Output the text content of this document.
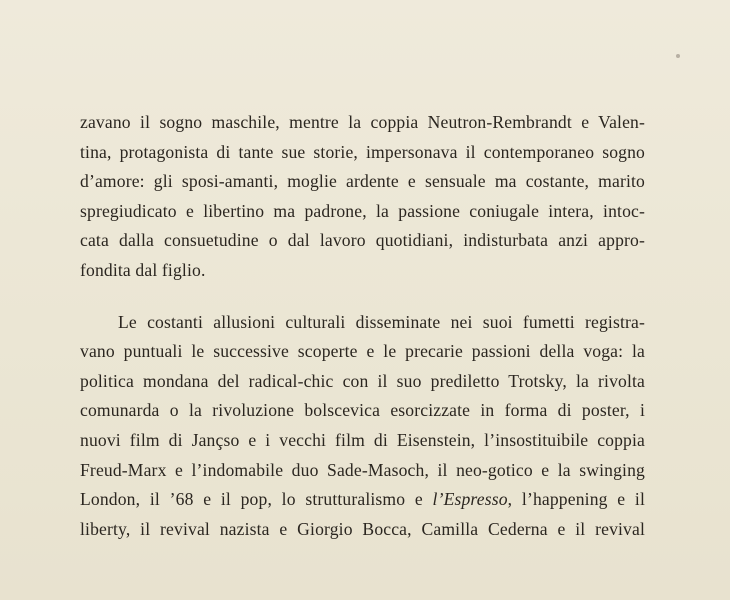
zavano il sogno maschile, mentre la coppia Neutron-Rembrandt e Valen-
tina, protagonista di tante sue storie, impersonava il contemporaneo sogno
d’amore: gli sposi-amanti, moglie ardente e sensuale ma costante, marito
spregiudicato e libertino ma padrone, la passione coniugale intera, intoc-
cata dalla consuetudine o dal lavoro quotidiani, indisturbata anzi appro-
fondita dal figlio.

Le costanti allusioni culturali disseminate nei suoi fumetti registra-
vano puntuali le successive scoperte e le precarie passioni della voga: la
politica mondana del radical-chic con il suo prediletto Trotsky, la rivolta
comunarda o la rivoluzione bolscevica esorcizzate in forma di poster, i
nuovi film di Jançso e i vecchi film di Eisenstein, l’insostituibile coppia
Freud-Marx e l’indomabile duo Sade-Masoch, il neo-gotico e la swinging
London, il ’68 e il pop, lo strutturalismo e l’Espresso, l’happening e il
liberty, il revival nazista e Giorgio Bocca, Camilla Cederna e il revival
